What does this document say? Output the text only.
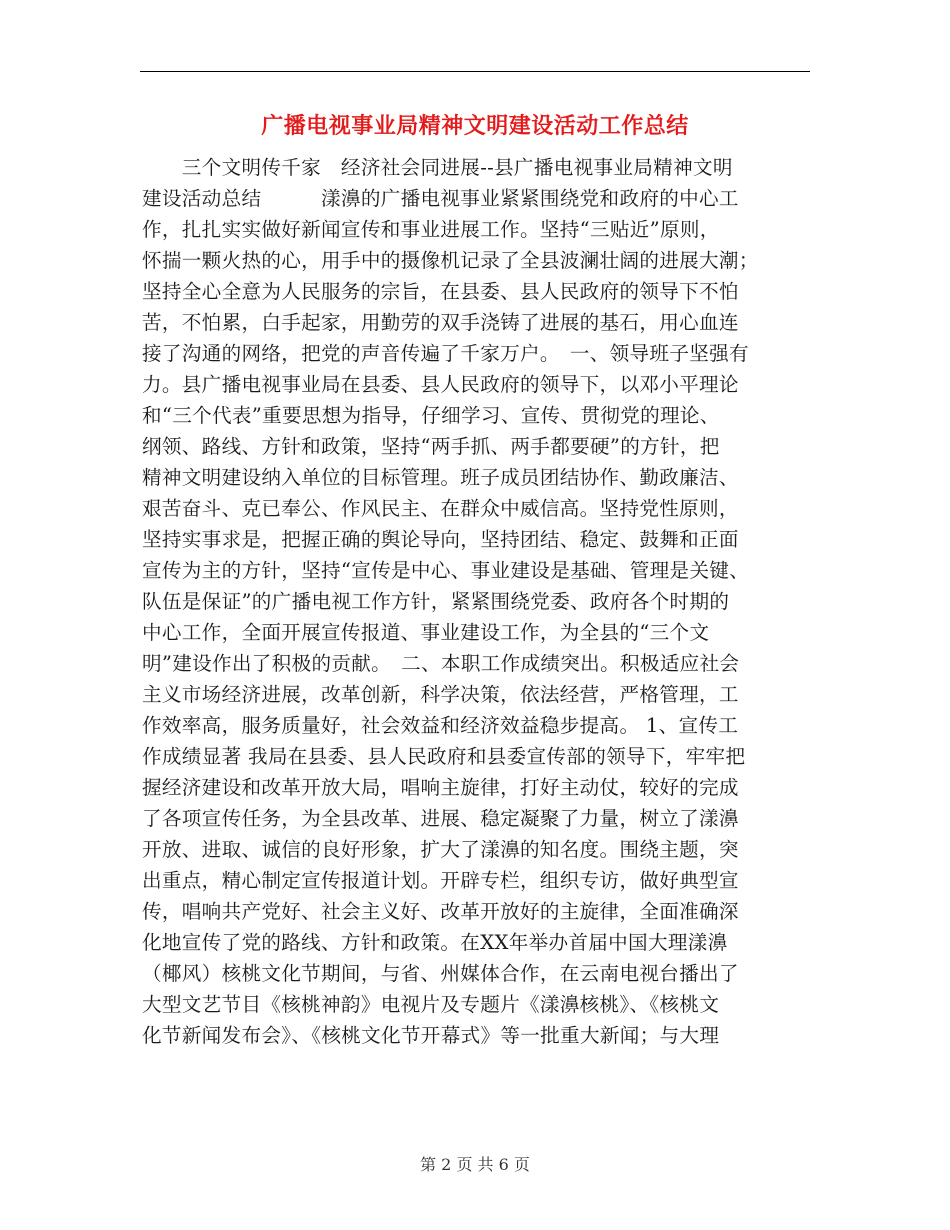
广播电视事业局精神文明建设活动工作总结
　　三个文明传千家　经济社会同进展--县广播电视事业局精神文明
建设活动总结　　　漾濞的广播电视事业紧紧围绕党和政府的中心工
作，扎扎实实做好新闻宣传和事业进展工作。坚持“三贴近”原则，
怀揣一颗火热的心，用手中的摄像机记录了全县波澜壮阔的进展大潮；
坚持全心全意为人民服务的宗旨，在县委、县人民政府的领导下不怕
苦，不怕累，白手起家，用勤劳的双手浇铸了进展的基石，用心血连
接了沟通的网络，把党的声音传遍了千家万户。　一、领导班子坚强有
力。县广播电视事业局在县委、县人民政府的领导下，以邓小平理论
和“三个代表”重要思想为指导，仔细学习、宣传、贯彻党的理论、
纲领、路线、方针和政策，坚持“两手抓、两手都要硬”的方针，把
精神文明建设纳入单位的目标管理。班子成员团结协作、勤政廉洁、
艰苦奋斗、克已奉公、作风民主、在群众中威信高。坚持党性原则，
坚持实事求是，把握正确的舆论导向，坚持团结、稳定、鼓舞和正面
宣传为主的方针，坚持“宣传是中心、事业建设是基础、管理是关键、
队伍是保证”的广播电视工作方针，紧紧围绕党委、政府各个时期的
中心工作，全面开展宣传报道、事业建设工作，为全县的“三个文
明”建设作出了积极的贡献。　二、本职工作成绩突出。积极适应社会
主义市场经济进展，改革创新，科学决策，依法经营，严格管理，工
作效率高，服务质量好，社会效益和经济效益稳步提高。 1、宣传工
作成绩显著 我局在县委、县人民政府和县委宣传部的领导下，牢牢把
握经济建设和改革开放大局，唱响主旋律，打好主动仗，较好的完成
了各项宣传任务，为全县改革、进展、稳定凝聚了力量，树立了漾濞
开放、进取、诚信的良好形象，扩大了漾濞的知名度。围绕主题，突
出重点，精心制定宣传报道计划。开辟专栏，组织专访，做好典型宣
传，唱响共产党好、社会主义好、改革开放好的主旋律，全面准确深
化地宣传了党的路线、方针和政策。在XX年举办首届中国大理漾濞
（椰风）核桃文化节期间，与省、州媒体合作，在云南电视台播出了
大型文艺节目《核桃神韵》电视片及专题片《漾濞核桃》、《核桃文
化节新闻发布会》、《核桃文化节开幕式》等一批重大新闻；与大理
第 2 页 共 6 页
